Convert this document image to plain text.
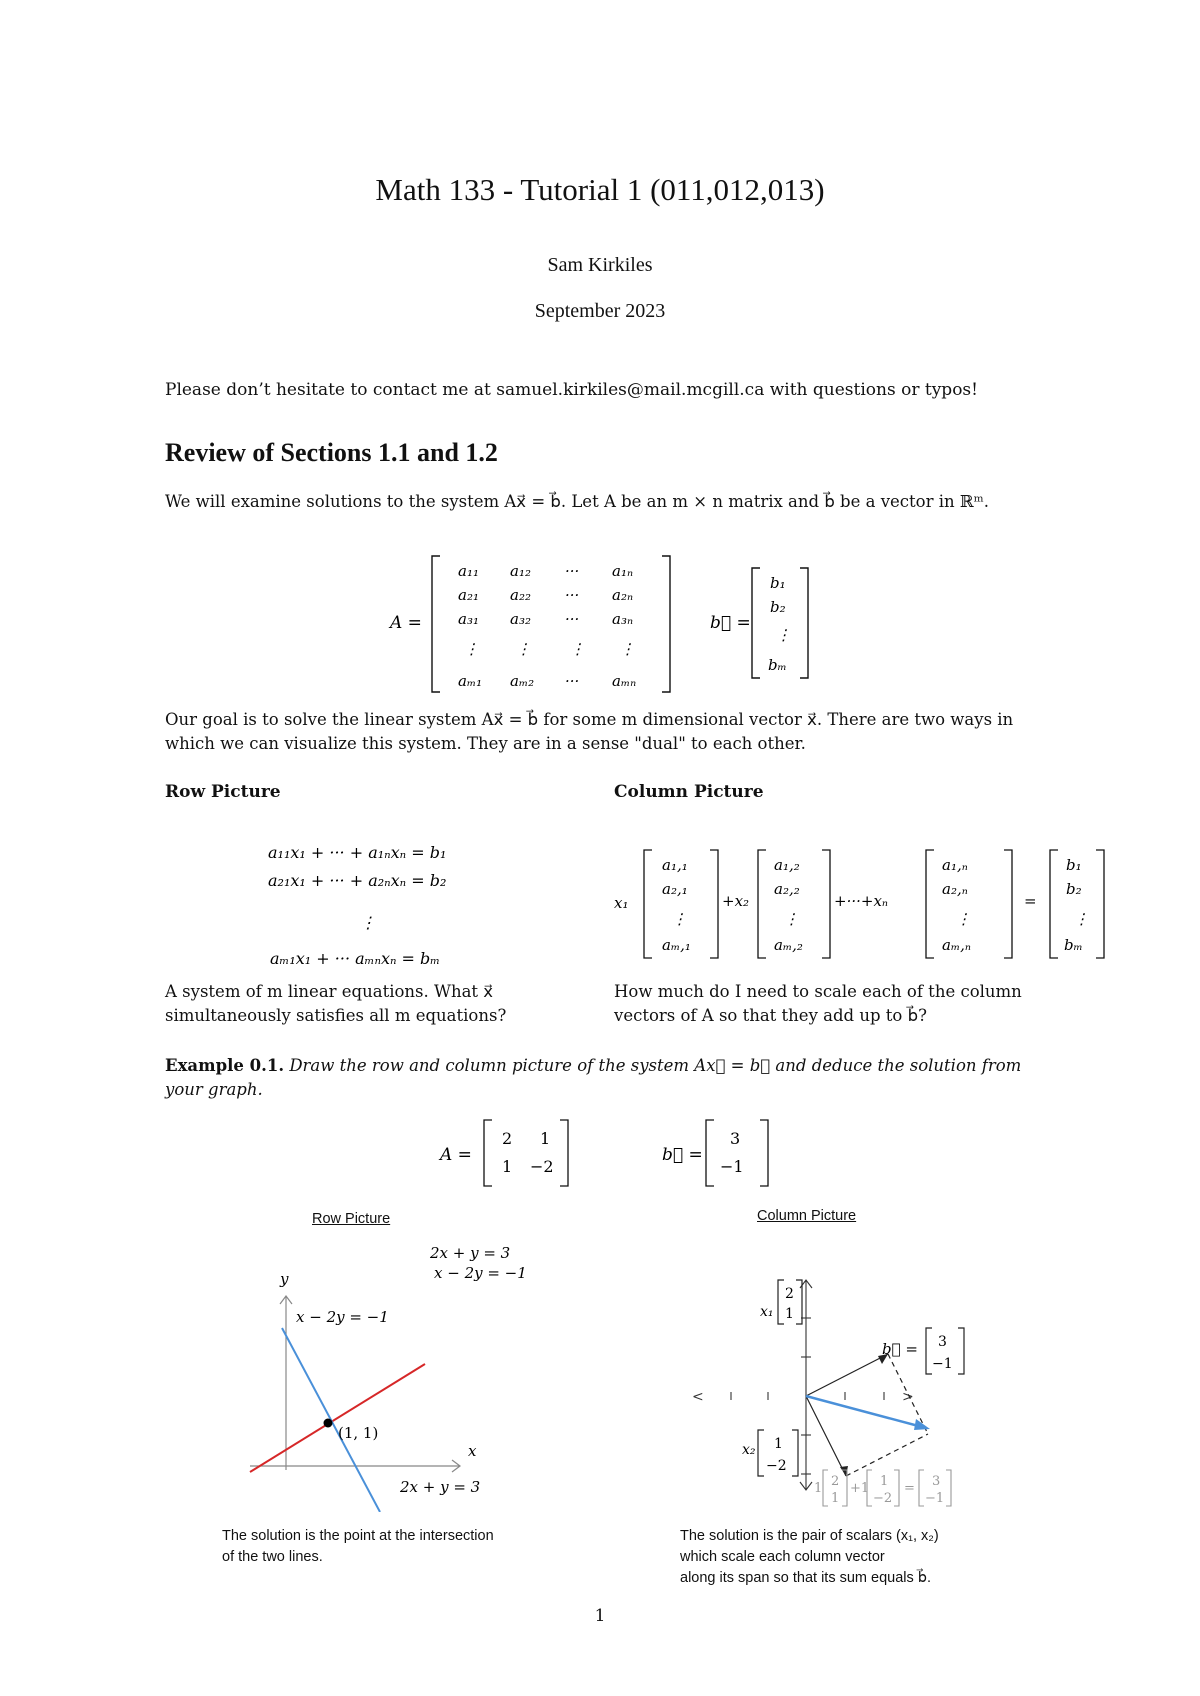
Math 133 - Tutorial 1 (011,012,013)
Sam Kirkiles
September 2023
Please don’t hesitate to contact me at samuel.kirkiles@mail.mcgill.ca with questions or typos!
Review of Sections 1.1 and 1.2
We will examine solutions to the system Ax⃗ = b⃗. Let A be an m × n matrix and b⃗ be a vector in ℝᵐ.
A =
a₁₁ a₁₂ ··· a₁ₙ
a₂₁ a₂₂ ··· a₂ₙ
a₃₁ a₃₂ ··· a₃ₙ
⋮ ⋮	⋮ ⋮
aₘ₁ aₘ₂ ··· aₘₙ
b⃗ =
b₁
b₂
⋮
bₘ
Our goal is to solve the linear system Ax⃗ = b⃗ for some m dimensional vector x⃗. There are two ways in which we can visualize this system. They are in a sense "dual" to each other.
Row Picture	Column Picture
a₁₁x₁ + ··· + a₁ₙxₙ = b₁
a₂₁x₁ + ··· + a₂ₙxₙ = b₂
⋮
aₘ₁x₁ + ··· aₘₙxₙ = bₘ
x₁
a₁,₁
a₂,₁
⋮
aₘ,₁
+x₂
a₁,₂
a₂,₂
⋮
aₘ,₂
+···+xₙ
a₁,ₙ
a₂,ₙ
⋮
aₘ,ₙ
=
b₁
b₂
⋮
bₘ
A system of m linear equations. What x⃗ simultaneously satisfies all m equations?
How much do I need to scale each of the column vectors of A so that they add up to b⃗?
Example 0.1. Draw the row and column picture of the system Ax⃗ = b⃗ and deduce the solution from your graph.
A =
2 1
1 −2
b⃗ =
3
−1
Row Picture
2x + y = 3
x − 2y = −1
y
x
(1, 1)
x − 2y = −1
2x + y = 3
The solution is the point at the intersection
of the two lines.
Column Picture
<	>
x₁
2
1
b⃗ = 3
−1
x₂ 1
−2
1 2
1
+1 1
−2
= 3
−1
The solution is the pair of scalars (x₁, x₂)
which scale each column vector
along its span so that its sum equals b⃗.
1
